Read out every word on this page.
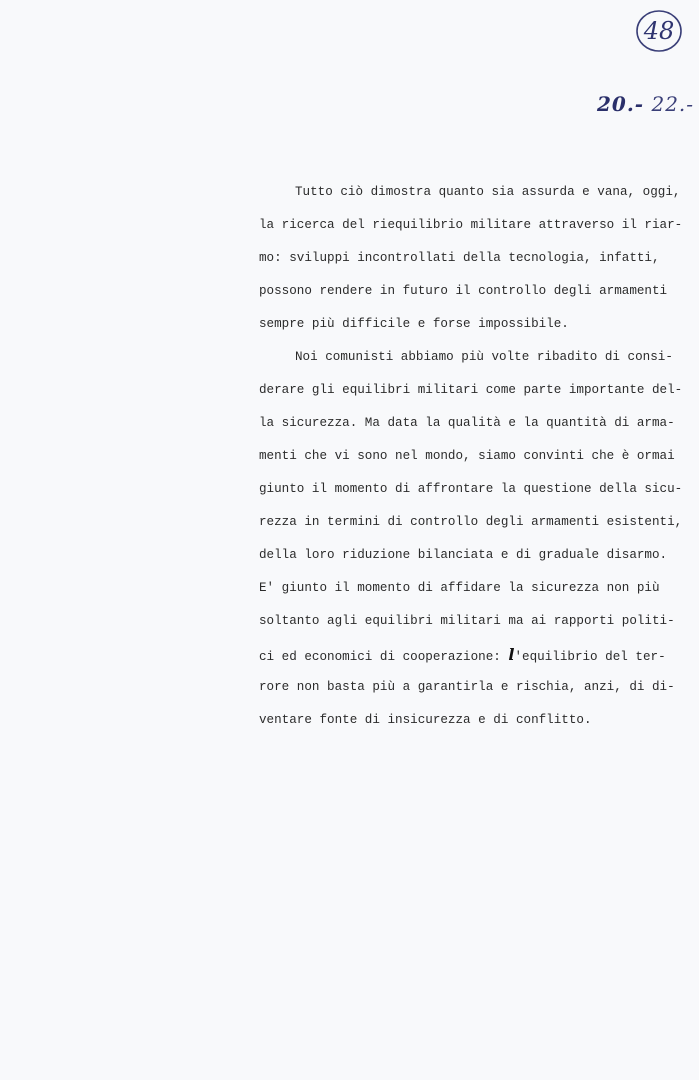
48
20.- 22.-
Tutto ciò dimostra quanto sia assurda e vana, oggi,
la ricerca del riequilibrio militare attraverso il riar-
mo: sviluppi incontrollati della tecnologia, infatti,
possono rendere in futuro il controllo degli armamenti
sempre più difficile e forse impossibile.
Noi comunisti abbiamo più volte ribadito di consi-
derare gli equilibri militari come parte importante del-
la sicurezza. Ma data la qualità e la quantità di arma-
menti che vi sono nel mondo, siamo convinti che è ormai
giunto il momento di affrontare la questione della sicu-
rezza in termini di controllo degli armamenti esistenti,
della loro riduzione bilanciata e di graduale disarmo.
E' giunto il momento di affidare la sicurezza non più
soltanto agli equilibri militari ma ai rapporti politi-
ci ed economici di cooperazione: l'equilibrio del ter-
rore non basta più a garantirla e rischia, anzi, di di-
ventare fonte di insicurezza e di conflitto.
